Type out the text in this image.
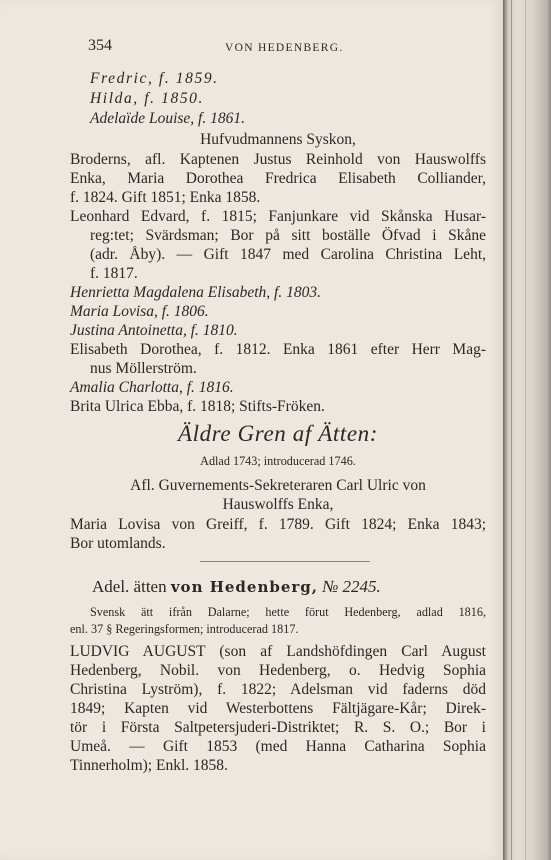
354	VON HEDENBERG.
Fredric, f. 1859.
Hilda, f. 1850.
Adelaïde Louise, f. 1861.
Hufvudmannens Syskon,
Broderns, afl. Kaptenen Justus Reinhold von Hauswolffs
Enka, Maria Dorothea Fredrica Elisabeth Colliander,
f. 1824. Gift 1851; Enka 1858.
Leonhard Edvard, f. 1815; Fanjunkare vid Skånska Husar-
reg:tet; Svärdsman; Bor på sitt boställe Öfvad i Skåne
(adr. Åby). — Gift 1847 med Carolina Christina Leht,
f. 1817.
Henrietta Magdalena Elisabeth, f. 1803.
Maria Lovisa, f. 1806.
Justina Antoinetta, f. 1810.
Elisabeth Dorothea, f. 1812. Enka 1861 efter Herr Mag-
nus Möllerström.
Amalia Charlotta, f. 1816.
Brita Ulrica Ebba, f. 1818; Stifts-Fröken.
Äldre Gren af Ätten:
Adlad 1743; introducerad 1746.
Afl. Guvernements-Sekreteraren Carl Ulric von
Hauswolffs Enka,
Maria Lovisa von Greiff, f. 1789. Gift 1824; Enka 1843;
Bor utomlands.
Adel. ätten von Hedenberg, № 2245.
Svensk ätt ifrån Dalarne; hette förut Hedenberg, adlad 1816,
enl. 37 § Regeringsformen; introducerad 1817.
LUDVIG AUGUST (son af Landshöfdingen Carl August
Hedenberg, Nobil. von Hedenberg, o. Hedvig Sophia
Christina Lyström), f. 1822; Adelsman vid faderns död
1849; Kapten vid Westerbottens Fältjägare-Kår; Direk-
tör i Första Saltpetersjuderi-Distriktet; R. S. O.; Bor i
Umeå. — Gift 1853 (med Hanna Catharina Sophia
Tinnerholm); Enkl. 1858.
